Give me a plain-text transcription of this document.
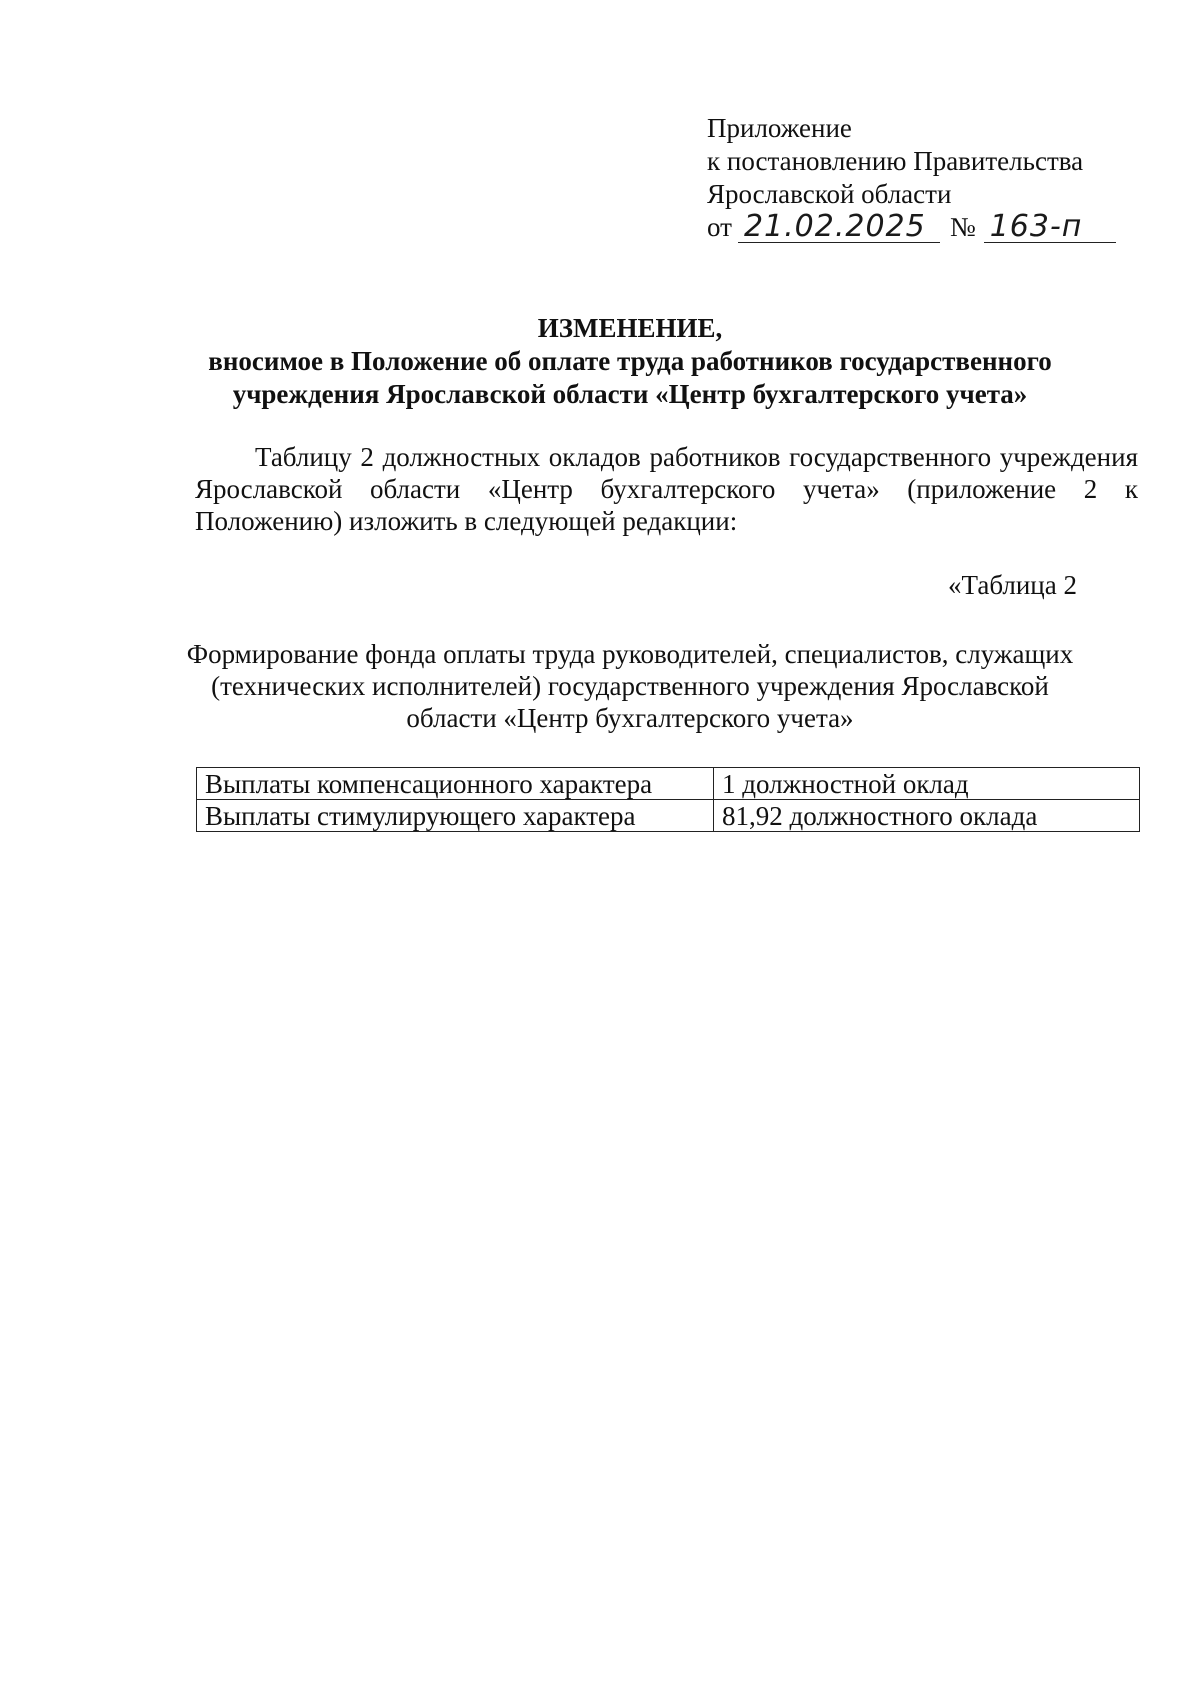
Приложение
к постановлению Правительства
Ярославской области
от 21.02.2025 № 163-п
ИЗМЕНЕНИЕ,
вносимое в Положение об оплате труда работников государственного
учреждения Ярославской области «Центр бухгалтерского учета»
Таблицу 2 должностных окладов работников государственного учреждения Ярославской области «Центр бухгалтерского учета» (приложение 2 к Положению) изложить в следующей редакции:
«Таблица 2
Формирование фонда оплаты труда руководителей, специалистов, служащих
(технических исполнителей) государственного учреждения Ярославской
области «Центр бухгалтерского учета»
Выплаты компенсационного характера	1 должностной оклад
Выплаты стимулирующего характера	81,92 должностного оклада
